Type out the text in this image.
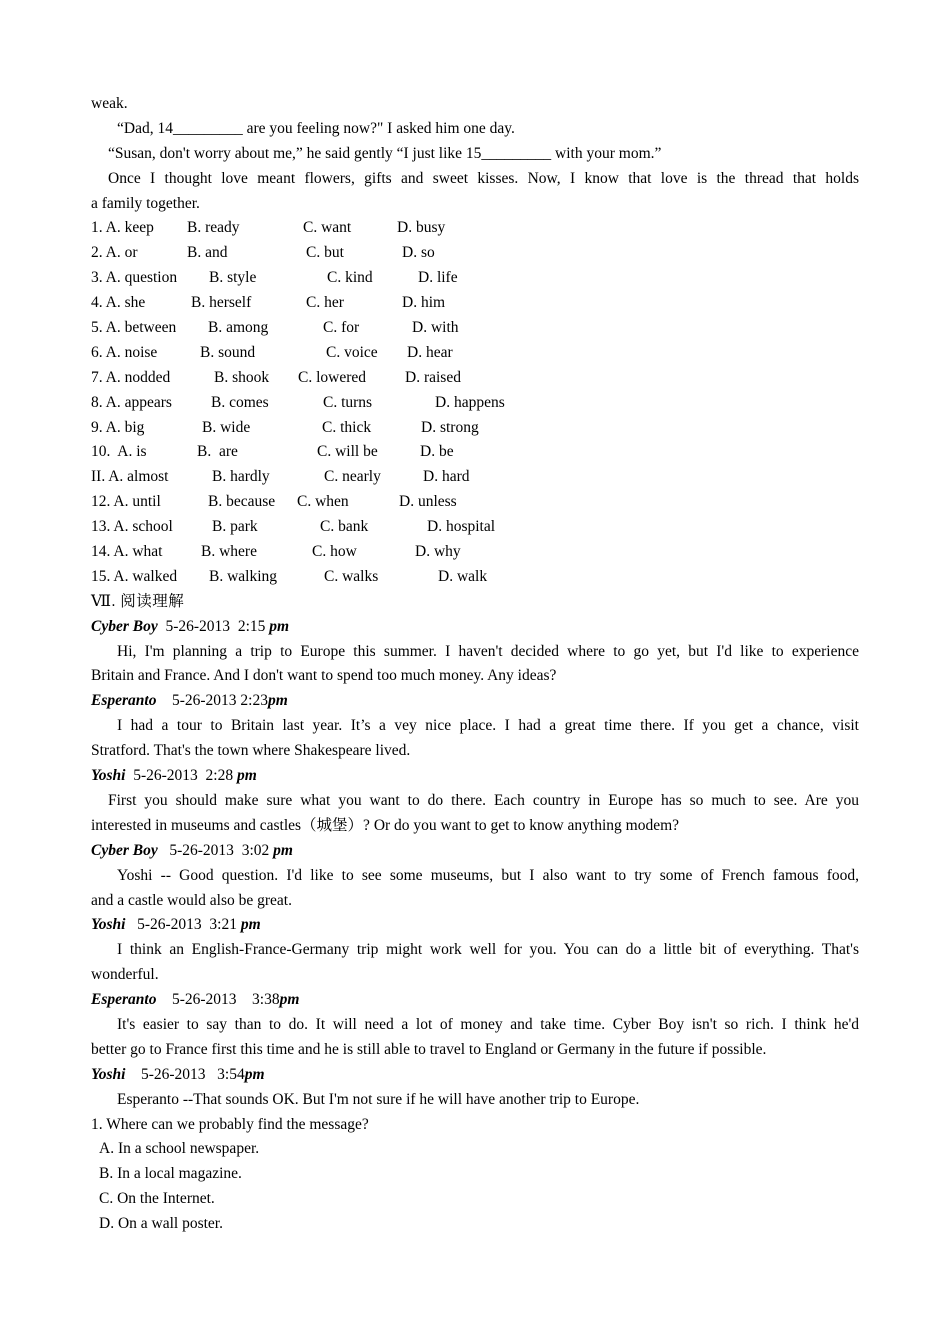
weak.
“Dad, 14_________ are you feeling now?" I asked him one day.
“Susan, don't worry about me,” he said gently “I just like 15_________ with your mom.”
Once I thought love meant flowers, gifts and sweet kisses. Now, I know that love is the thread that holds
a family together.
1. A. keep	B. ready	C. want	D. busy
2. A. or	B. and	C. but	D. so
3. A. question	B. style	C. kind	D. life
4. A. she	B. herself	C. her	D. him
5. A. between	B. among	C. for	D. with
6. A. noise	B. sound	C. voice	D. hear
7. A. nodded	B. shook	C. lowered	D. raised
8. A. appears	B. comes	C. turns	D. happens
9. A. big	B. wide	C. thick	D. strong
10.  A. is	B.  are	C. will be	D. be
II. A. almost	B. hardly	C. nearly	D. hard
12. A. until	B. because	C. when	D. unless
13. A. school	B. park	C. bank	D. hospital
14. A. what	B. where	C. how	D. why
15. A. walked	B. walking	C. walks	D. walk
Ⅶ. 阅读理解
Cyber Boy 5-26-2013 2:15 pm
Hi, I'm planning a trip to Europe this summer. I haven't decided where to go yet, but I'd like to experience
Britain and France. And I don't want to spend too much money. Any ideas?
Esperanto 5-26-2013 2:23pm
I had a tour to Britain last year. It’s a vey nice place. I had a great time there. If you get a chance, visit
Stratford. That's the town where Shakespeare lived.
Yoshi 5-26-2013 2:28 pm
First you should make sure what you want to do there. Each country in Europe has so much to see. Are you
interested in museums and castles（城堡）? Or do you want to get to know anything modem?
Cyber Boy 5-26-2013 3:02 pm
Yoshi -- Good question. I'd like to see some museums, but I also want to try some of French famous food,
and a castle would also be great.
Yoshi 5-26-2013 3:21 pm
I think an English-France-Germany trip might work well for you. You can do a little bit of everything. That's
wonderful.
Esperanto 5-26-2013 3:38pm
It's easier to say than to do. It will need a lot of money and take time. Cyber Boy isn't so rich. I think he'd
better go to France first this time and he is still able to travel to England or Germany in the future if possible.
Yoshi 5-26-2013 3:54pm
Esperanto --That sounds OK. But I'm not sure if he will have another trip to Europe.
1. Where can we probably find the message?
A. In a school newspaper.
B. In a local magazine.
C. On the Internet.
D. On a wall poster.
